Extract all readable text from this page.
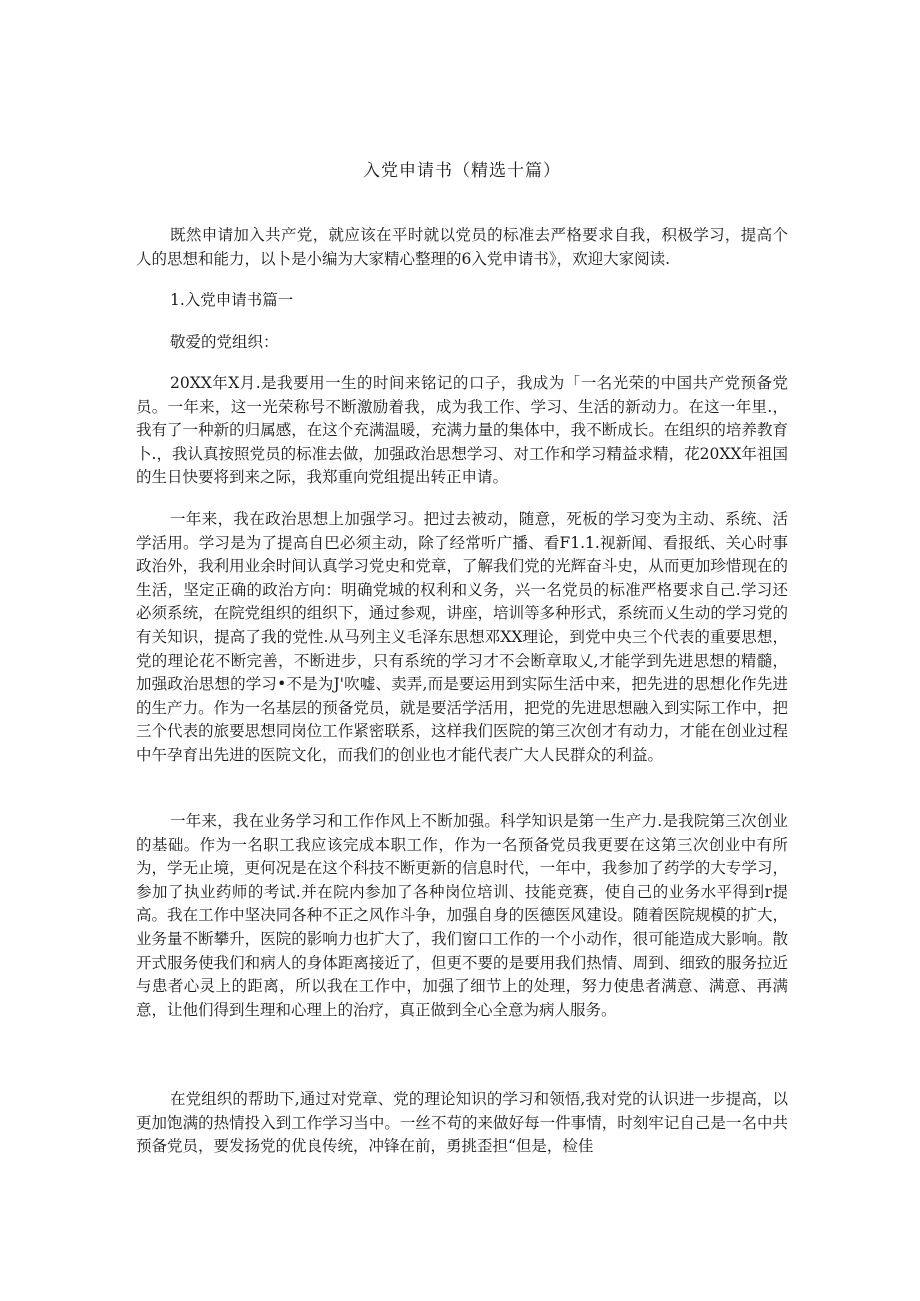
入党申请书（精选十篇）

既然申请加入共产党，就应该在平时就以党员的标准去严格要求自我，积极学习，提高个人的思想和能力，以卜是小编为大家精心整理的6入党申请书》，欢迎大家阅读.

1.入党申请书篇一
敬爱的党组织：

20XX年X月.是我要用一生的时间来铭记的口子，我成为「一名光荣的中国共产党预备党员。一年来，这一光荣称号不断激励着我，成为我工作、学习、生活的新动力。在这一年里.，我有了一种新的归属感，在这个充满温暖，充满力量的集体中，我不断成长。在组织的培养教育卜.，我认真按照党员的标准去做，加强政治思想学习、对工作和学习精益求精，花20XX年祖国的生日快要将到来之际，我郑重向党组提出转正申请。

一年来，我在政治思想上加强学习。把过去被动，随意，死板的学习变为主动、系统、活学活用。学习是为了提高自巴必须主动，除了经常听广播、看F1.1.视新闻、看报纸、关心时事政治外，我利用业余时间认真学习党史和党章，了解我们党的光辉奋斗史，从而更加珍惜现在的生活，坚定正确的政治方向：明确党城的权利和义务，兴一名党员的标准严格要求自己.学习还必须系统，在院党组织的组织下，通过参观，讲座，培训等多种形式，系统而乂生动的学习党的有关知识，提高了我的党性.从马列主义毛泽东思想邓XX理论，到党中央三个代表的重要思想，党的理论花不断完善，不断进步，只有系统的学习才不会断章取乂,才能学到先进思想的精髓，加强政治思想的学习•不是为J'吹嘘、卖弄,而是要运用到实际生活中来，把先进的思想化作先进的生产力。作为一名基层的预备党员，就是要活学活用，把党的先进思想融入到实际工作中，把三个代表的旅要思想同岗位工作紧密联系，这样我们医院的第三次创才有动力，才能在创业过程中午孕育出先进的医院文化，而我们的创业也才能代表广大人民群众的利益。

一年来，我在业务学习和工作作风上不断加强。科学知识是第一生产力.是我院第三次创业的基础。作为一名职工我应该完成本职工作，作为一名预备党员我更要在这第三次创业中有所为，学无止境，更何况是在这个科技不断更新的信息时代，一年中，我参加了药学的大专学习，参加了执业药师的考试.并在院内参加了各种岗位培训、技能竞赛，使自己的业务水平得到r提高。我在工作中坚决同各种不正之风作斗争，加强自身的医德医风建设。随着医院规模的扩大，业务量不断攀升，医院的影响力也扩大了，我们窗口工作的一个小动作，很可能造成大影响。散开式服务使我们和病人的身体距离接近了，但更不要的是要用我们热情、周到、细致的服务拉近与患者心灵上的距离，所以我在工作中，加强了细节上的处理，努力使患者满意、满意、再满意，让他们得到生理和心理上的治疗，真正做到全心全意为病人服务。

在党组织的帮助下,通过对党章、党的理论知识的学习和领悟,我对党的认识进一步提高，以更加饱满的热情投入到工作学习当中。一丝不苟的来做好每一件事情，时刻牢记自己是一名中共预备党员，要发扬党的优良传统，冲锋在前，勇挑歪担“但是，检佳
